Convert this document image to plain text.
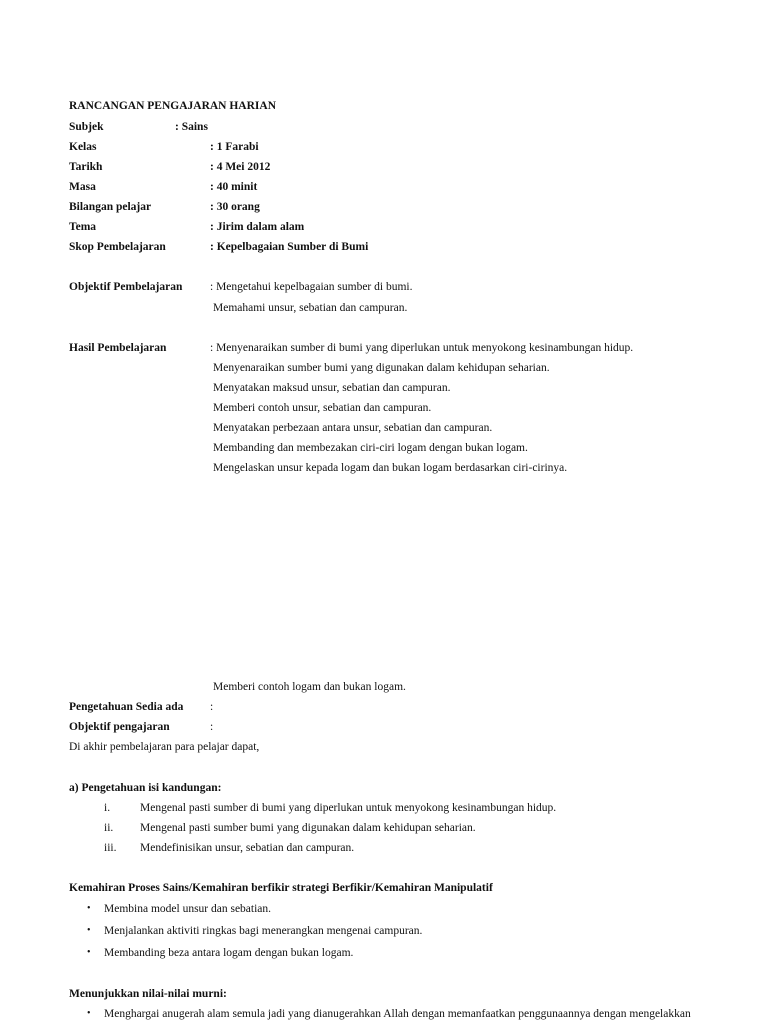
RANCANGAN PENGAJARAN HARIAN
Subjek	: Sains
Kelas	: 1 Farabi
Tarikh	: 4 Mei 2012
Masa	: 40 minit
Bilangan pelajar	: 30 orang
Tema	: Jirim dalam alam
Skop Pembelajaran	: Kepelbagaian Sumber di Bumi
Objektif Pembelajaran : Mengetahui kepelbagaian sumber di bumi.
Memahami unsur, sebatian dan campuran.
Hasil Pembelajaran	: Menyenaraikan sumber di bumi yang diperlukan untuk menyokong kesinambungan hidup.
Menyenaraikan sumber bumi yang digunakan dalam kehidupan seharian.
Menyatakan maksud unsur, sebatian dan campuran.
Memberi contoh unsur, sebatian dan campuran.
Menyatakan perbezaan antara unsur, sebatian dan campuran.
Membanding dan membezakan ciri-ciri logam dengan bukan logam.
Mengelaskan unsur kepada logam dan bukan logam berdasarkan ciri-cirinya.
Memberi contoh logam dan bukan logam.
Pengetahuan Sedia ada :
Objektif pengajaran	:
Di akhir pembelajaran para pelajar dapat,
a) Pengetahuan isi kandungan:
i.	Mengenal pasti sumber di bumi yang diperlukan untuk menyokong kesinambungan hidup.
ii. Mengenal pasti sumber bumi yang digunakan dalam kehidupan seharian.
iii. Mendefinisikan unsur, sebatian dan campuran.
Kemahiran Proses Sains/Kemahiran berfikir strategi Berfikir/Kemahiran Manipulatif
• Membina model unsur dan sebatian.
• Menjalankan aktiviti ringkas bagi menerangkan mengenai campuran.
• Membanding beza antara logam dengan bukan logam.
Menunjukkan nilai-nilai murni:
• Menghargai anugerah alam semula jadi yang dianugerahkan Allah dengan memanfaatkan penggunaannya dengan mengelakkan
